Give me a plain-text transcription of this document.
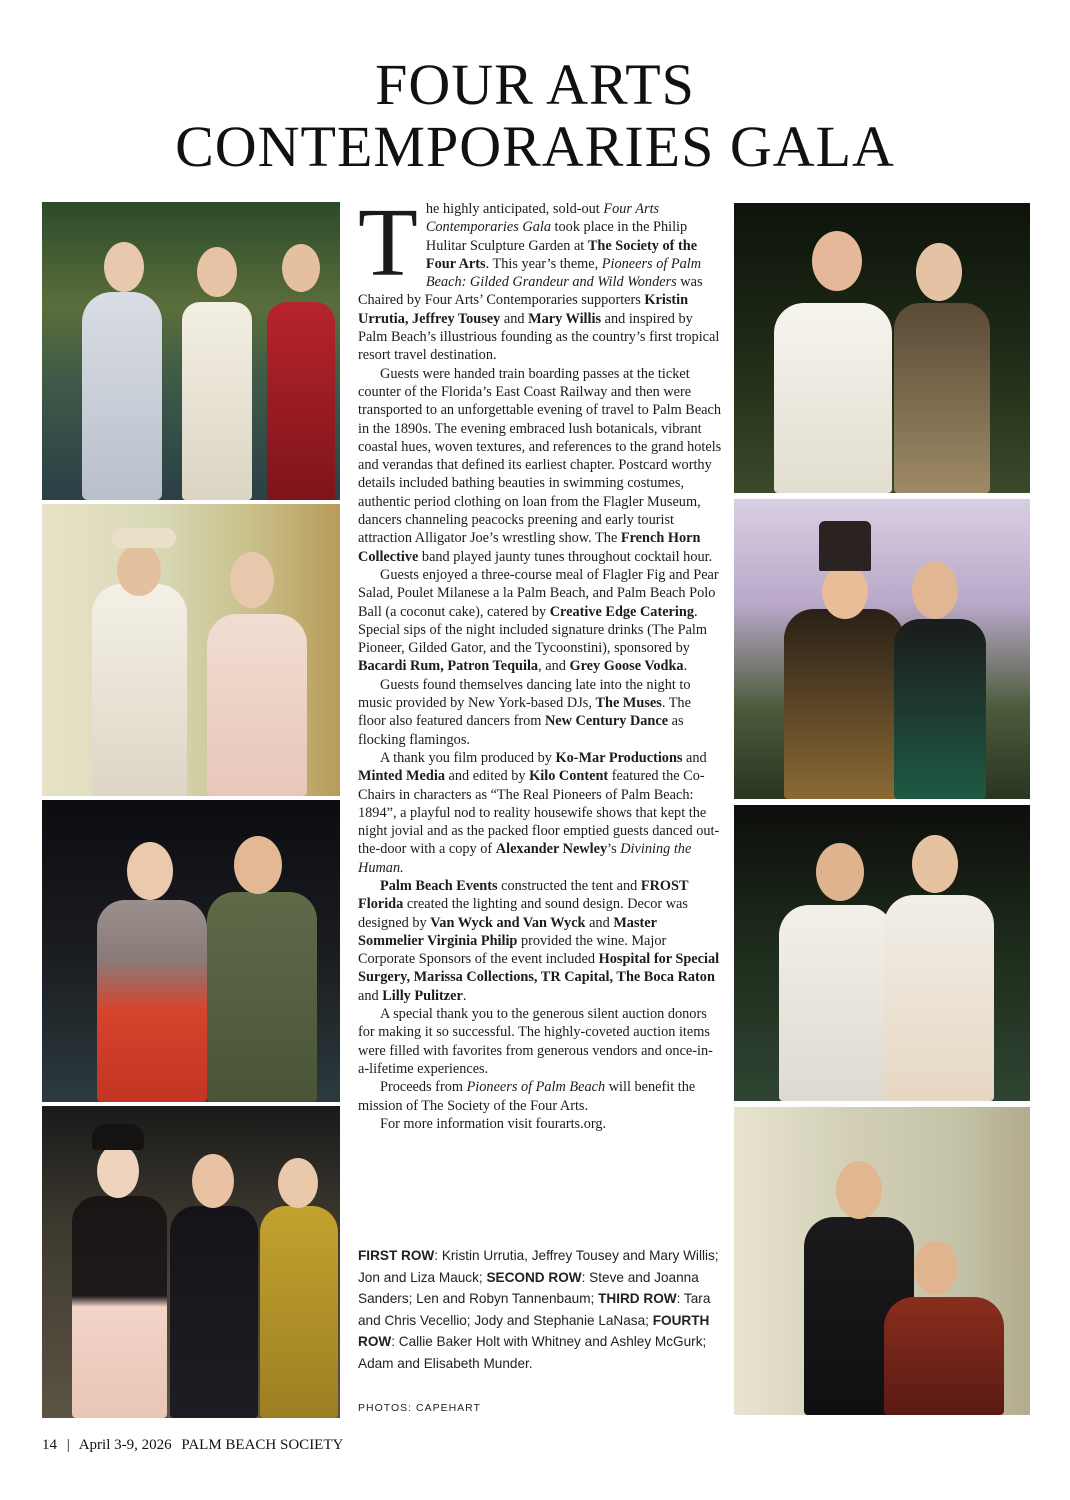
FOUR ARTS
CONTEMPORARIES GALA
T he highly anticipated, sold-out Four Arts Contemporaries Gala took place in the Philip Hulitar Sculpture Garden at The Society of the Four Arts. This year’s theme, Pioneers of Palm Beach: Gilded Grandeur and Wild Wonders was Chaired by Four Arts’ Contemporaries supporters Kristin Urrutia, Jeffrey Tousey and Mary Willis and inspired by Palm Beach’s illustrious founding as the country’s first tropical resort travel destination.

Guests were handed train boarding passes at the ticket counter of the Florida’s East Coast Railway and then were transported to an unforgettable evening of travel to Palm Beach in the 1890s. The evening embraced lush botanicals, vibrant coastal hues, woven textures, and references to the grand hotels and verandas that defined its earliest chapter. Postcard worthy details included bathing beauties in swimming costumes, authentic period clothing on loan from the Flagler Museum, dancers channeling peacocks preening and early tourist attraction Alligator Joe’s wrestling show. The French Horn Collective band played jaunty tunes throughout cocktail hour.

Guests enjoyed a three-course meal of Flagler Fig and Pear Salad, Poulet Milanese a la Palm Beach, and Palm Beach Polo Ball (a coconut cake), catered by Creative Edge Catering. Special sips of the night included signature drinks (The Palm Pioneer, Gilded Gator, and the Tycoonstini), sponsored by Bacardi Rum, Patron Tequila, and Grey Goose Vodka.

Guests found themselves dancing late into the night to music provided by New York-based DJs, The Muses. The floor also featured dancers from New Century Dance as flocking flamingos.

A thank you film produced by Ko-Mar Productions and Minted Media and edited by Kilo Content featured the Co-Chairs in characters as “The Real Pioneers of Palm Beach: 1894”, a playful nod to reality housewife shows that kept the night jovial and as the packed floor emptied guests danced out-the-door with a copy of Alexander Newley’s Divining the Human.

Palm Beach Events constructed the tent and FROST Florida created the lighting and sound design. Decor was designed by Van Wyck and Van Wyck and Master Sommelier Virginia Philip provided the wine. Major Corporate Sponsors of the event included Hospital for Special Surgery, Marissa Collections, TR Capital, The Boca Raton and Lilly Pulitzer.

A special thank you to the generous silent auction donors for making it so successful. The highly-coveted auction items were filled with favorites from generous vendors and once-in-a-lifetime experiences.

Proceeds from Pioneers of Palm Beach will benefit the mission of The Society of the Four Arts.

For more information visit fourarts.org.

FIRST ROW: Kristin Urrutia, Jeffrey Tousey and Mary Willis; Jon and Liza Mauck; SECOND ROW: Steve and Joanna Sanders; Len and Robyn Tannenbaum; THIRD ROW: Tara and Chris Vecellio; Jody and Stephanie LaNasa; FOURTH ROW: Callie Baker Holt with Whitney and Ashley McGurk; Adam and Elisabeth Munder.
PHOTOS: CAPEHART
14 | April 3-9, 2026 PALM BEACH SOCIETY
